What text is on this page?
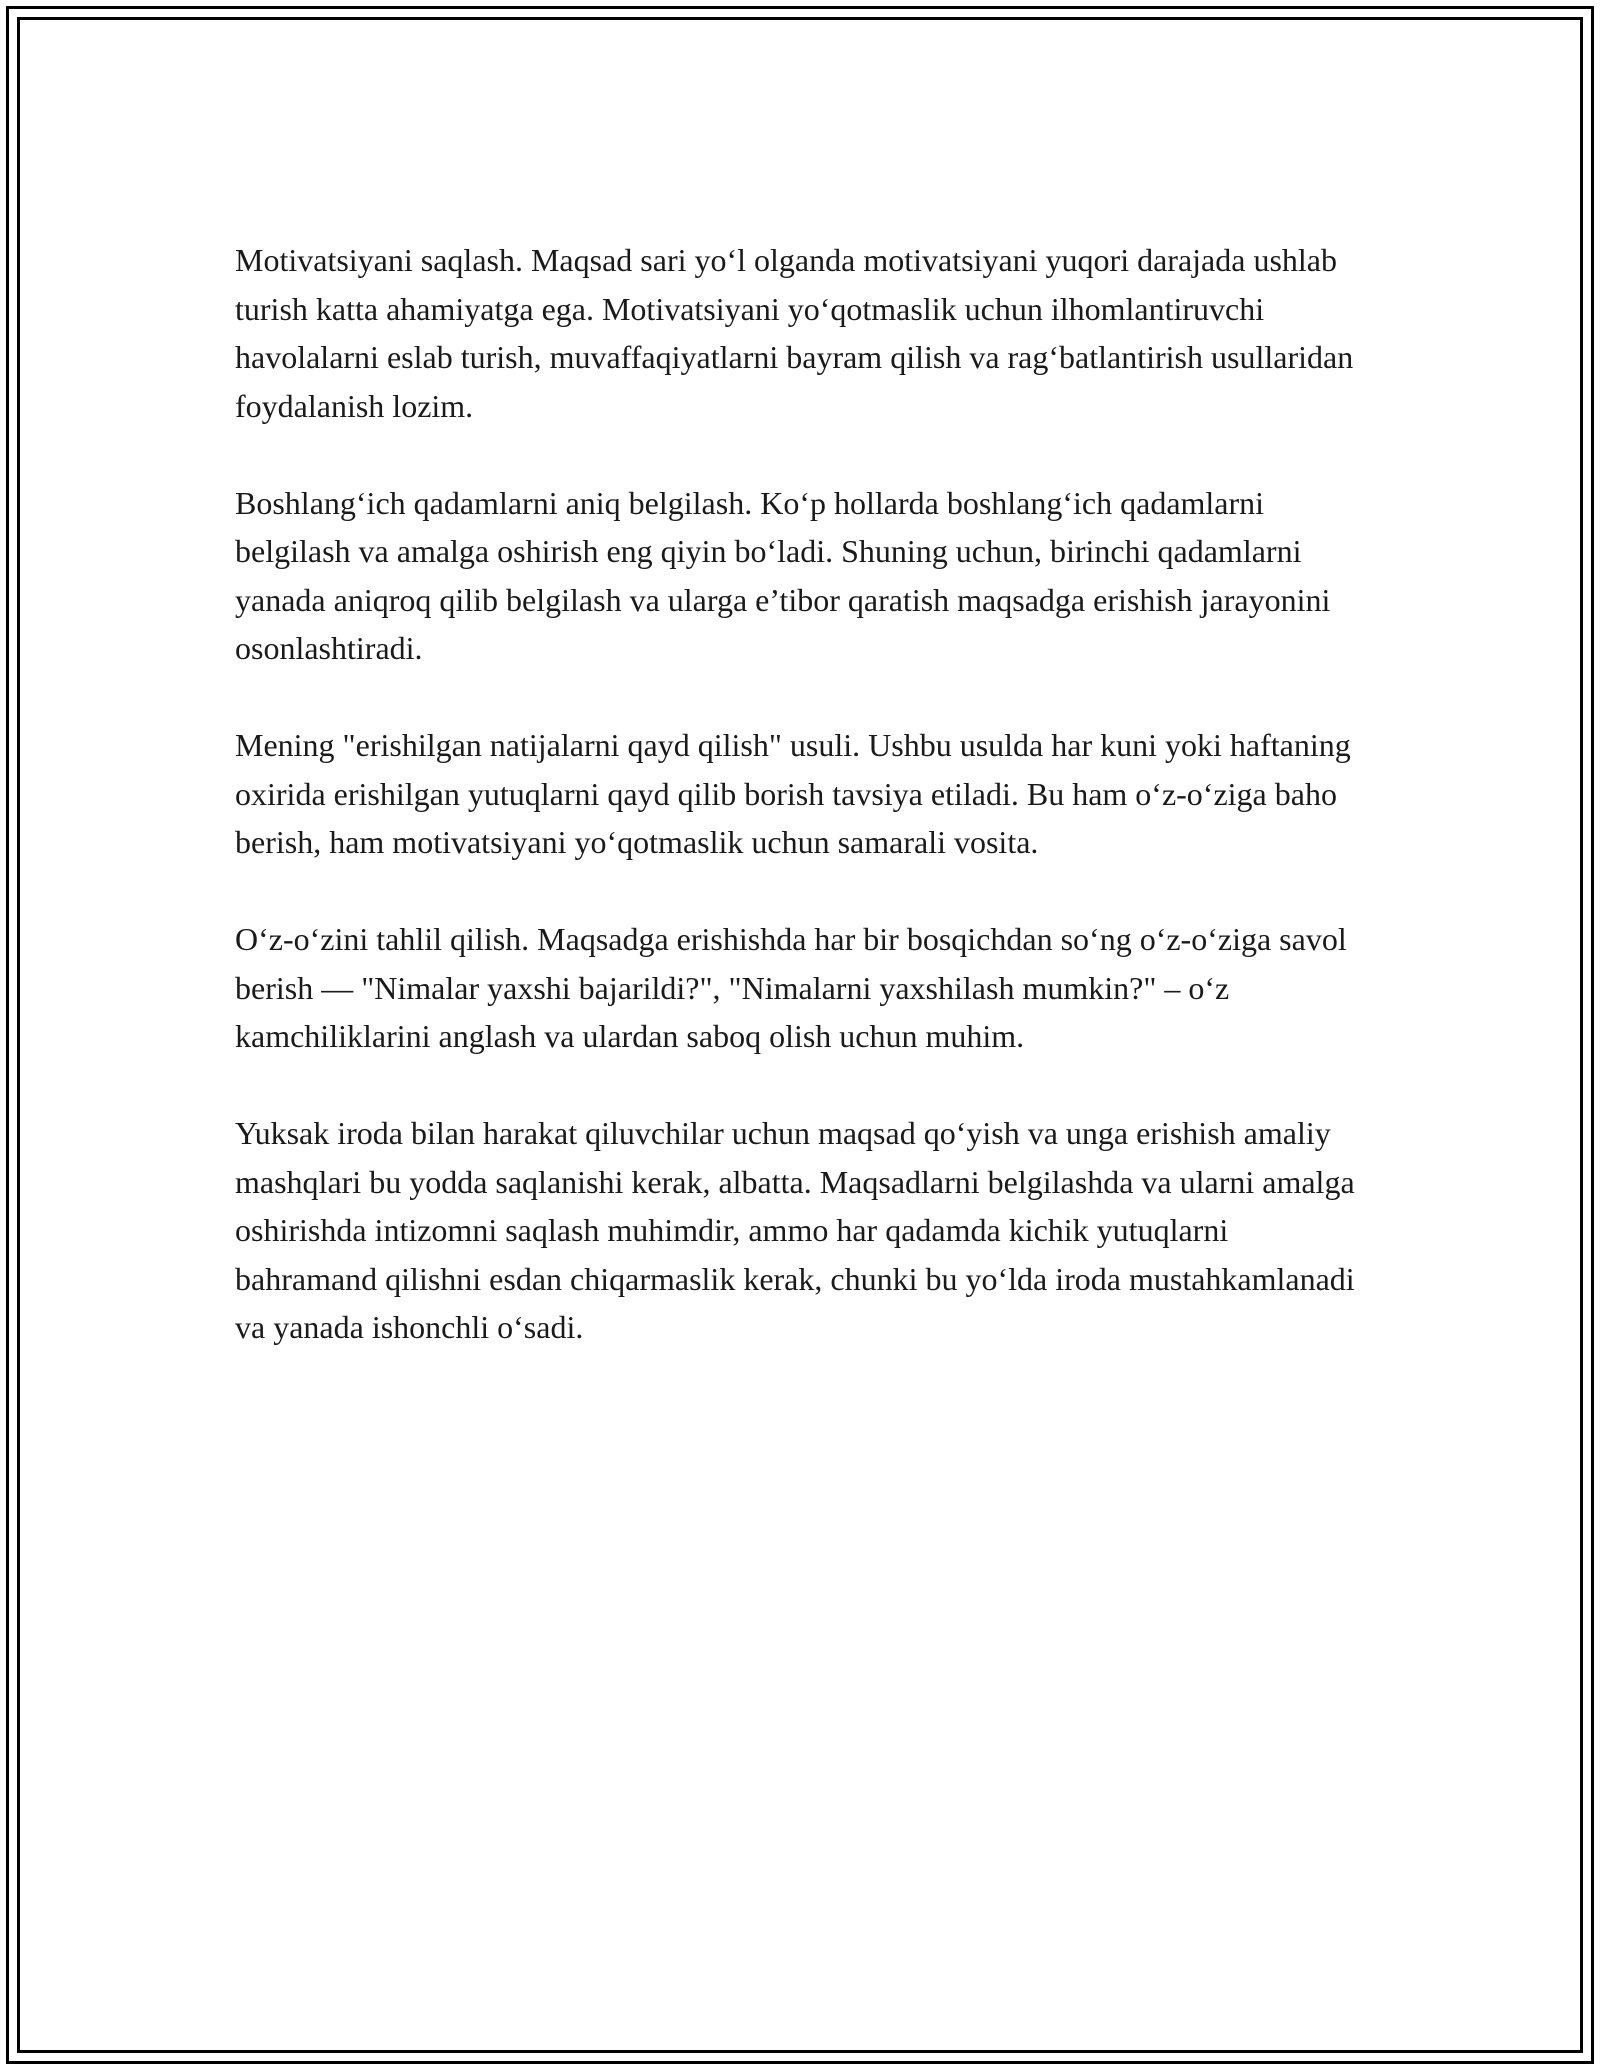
Motivatsiyani saqlash. Maqsad sari yo‘l olganda motivatsiyani yuqori darajada ushlab turish katta ahamiyatga ega. Motivatsiyani yo‘qotmaslik uchun ilhomlantiruvchi havolalarni eslab turish, muvaffaqiyatlarni bayram qilish va rag‘batlantirish usullaridan foydalanish lozim.

Boshlang‘ich qadamlarni aniq belgilash. Ko‘p hollarda boshlang‘ich qadamlarni belgilash va amalga oshirish eng qiyin bo‘ladi. Shuning uchun, birinchi qadamlarni yanada aniqroq qilib belgilash va ularga e’tibor qaratish maqsadga erishish jarayonini osonlashtiradi.

Mening "erishilgan natijalarni qayd qilish" usuli. Ushbu usulda har kuni yoki haftaning oxirida erishilgan yutuqlarni qayd qilib borish tavsiya etiladi. Bu ham o‘z-o‘ziga baho berish, ham motivatsiyani yo‘qotmaslik uchun samarali vosita.

O‘z-o‘zini tahlil qilish. Maqsadga erishishda har bir bosqichdan so‘ng o‘z-o‘ziga savol berish — "Nimalar yaxshi bajarildi?", "Nimalarni yaxshilash mumkin?" – o‘z kamchiliklarini anglash va ulardan saboq olish uchun muhim.

Yuksak iroda bilan harakat qiluvchilar uchun maqsad qo‘yish va unga erishish amaliy mashqlari bu yodda saqlanishi kerak, albatta. Maqsadlarni belgilashda va ularni amalga oshirishda intizomni saqlash muhimdir, ammo har qadamda kichik yutuqlarni bahramand qilishni esdan chiqarmaslik kerak, chunki bu yo‘lda iroda mustahkamlanadi va yanada ishonchli o‘sadi.
